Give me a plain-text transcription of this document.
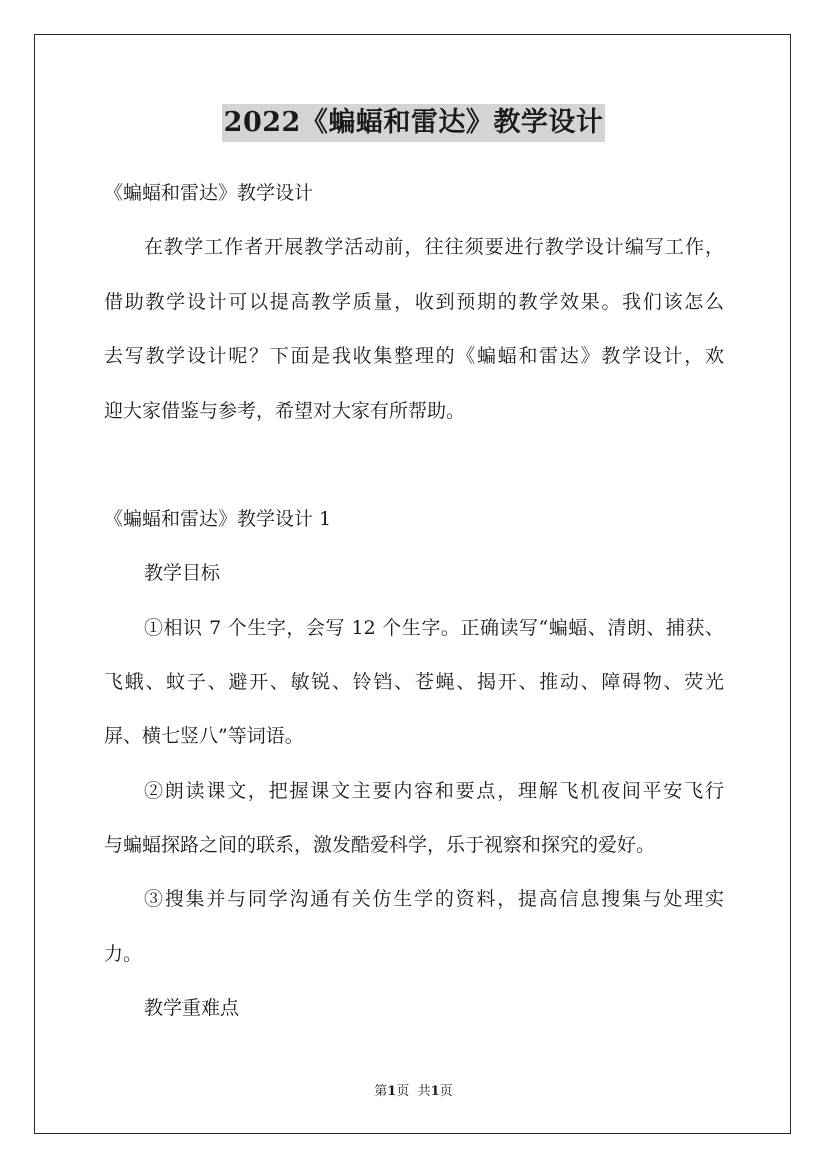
2022《蝙蝠和雷达》教学设计
《蝙蝠和雷达》教学设计
在教学工作者开展教学活动前，往往须要进行教学设计编写工作，
借助教学设计可以提高教学质量，收到预期的教学效果。我们该怎么
去写教学设计呢？下面是我收集整理的《蝙蝠和雷达》教学设计，欢
迎大家借鉴与参考，希望对大家有所帮助。
《蝙蝠和雷达》教学设计 1
教学目标
①相识 7 个生字，会写 12 个生字。正确读写“蝙蝠、清朗、捕获、
飞蛾、蚊子、避开、敏锐、铃铛、苍蝇、揭开、推动、障碍物、荧光
屏、横七竖八”等词语。
②朗读课文，把握课文主要内容和要点，理解飞机夜间平安飞行
与蝙蝠探路之间的联系，激发酷爱科学，乐于视察和探究的爱好。
③搜集并与同学沟通有关仿生学的资料，提高信息搜集与处理实
力。
教学重难点
第1页 共1页
